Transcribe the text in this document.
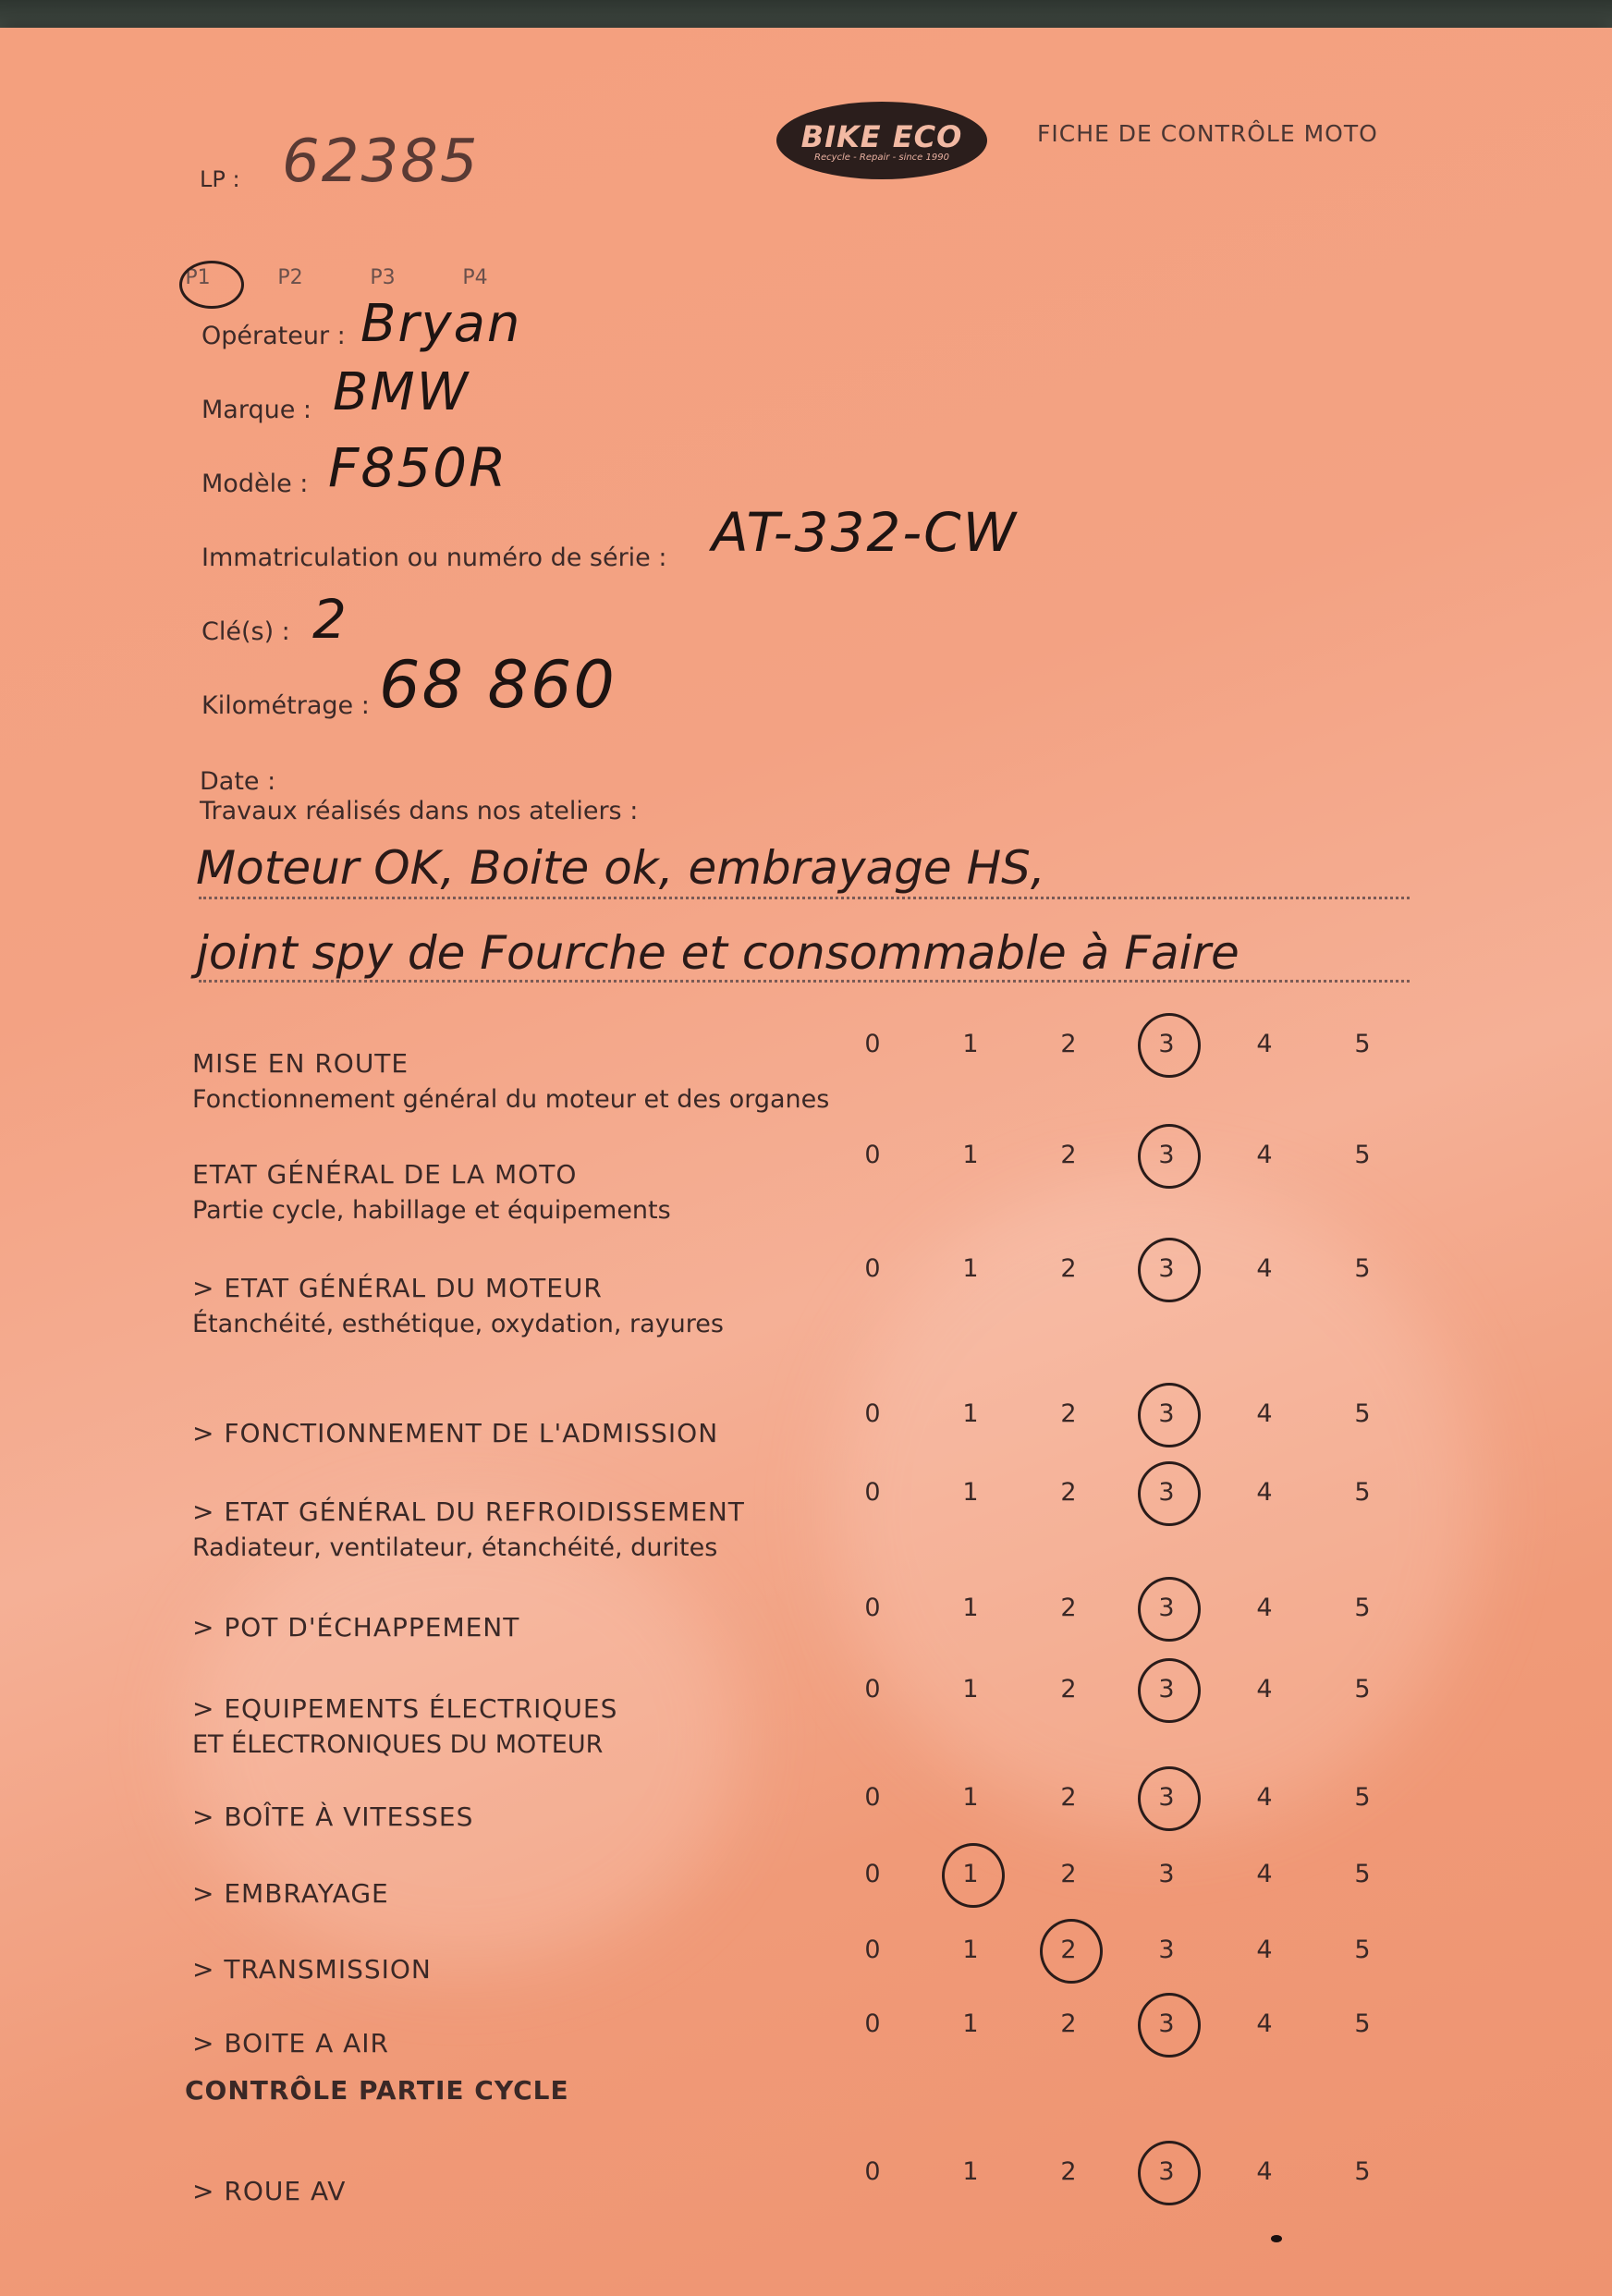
BIKE ECO
Recycle - Repair - since 1990
FICHE DE CONTRÔLE MOTO
LP : 62385
P1	P2	P3	P4
Opérateur : Bryan
Marque : BMW
Modèle : F850R
Immatriculation ou numéro de série : AT-332-CW
Clé(s) : 2
Kilométrage : 68 860
Date :
Travaux réalisés dans nos ateliers :
Moteur OK, Boite ok, embrayage HS,
joint spy de Fourche et consommable à Faire
MISE EN ROUTE
Fonctionnement général du moteur et des organes
0	1	2	3	4	5
ETAT GÉNÉRAL DE LA MOTO
Partie cycle, habillage et équipements
0	1	2	3	4	5
> ETAT GÉNÉRAL DU MOTEUR
Étanchéité, esthétique, oxydation, rayures
0	1	2	3	4	5
> FONCTIONNEMENT DE L'ADMISSION
0	1	2	3	4	5
> ETAT GÉNÉRAL DU REFROIDISSEMENT
Radiateur, ventilateur, étanchéité, durites
0	1	2	3	4	5
> POT D'ÉCHAPPEMENT
0	1	2	3	4	5
> EQUIPEMENTS ÉLECTRIQUES
ET ÉLECTRONIQUES DU MOTEUR
0	1	2	3	4	5
> BOÎTE À VITESSES
0	1	2	3	4	5
> EMBRAYAGE
0	1	2	3	4	5
> TRANSMISSION
0	1	2	3	4	5
> BOITE A AIR
0	1	2	3	4	5
CONTRÔLE PARTIE CYCLE
> ROUE AV
0	1	2	3	4	5
